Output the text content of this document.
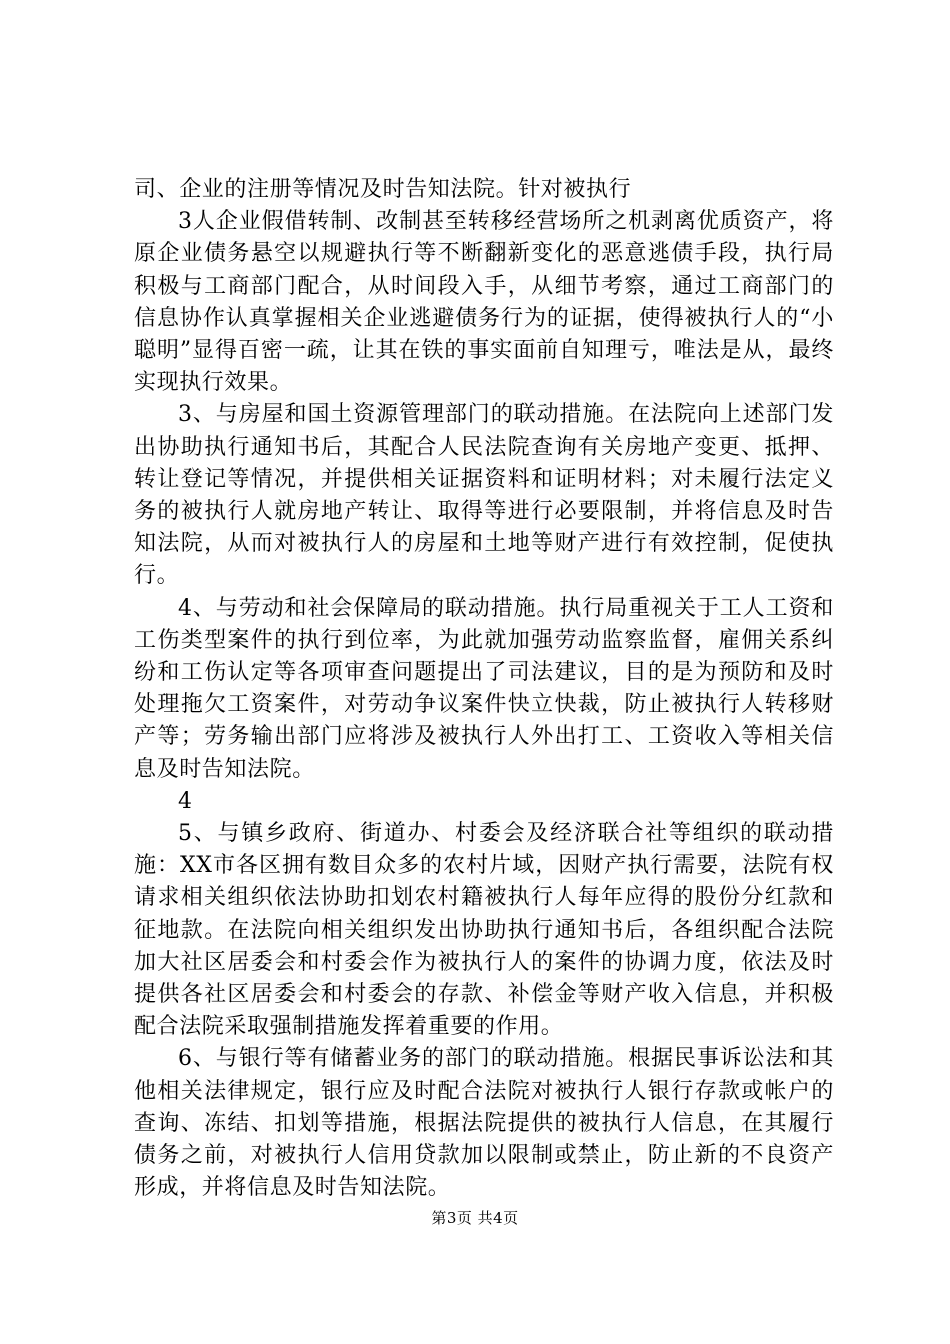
司、企业的注册等情况及时告知法院。针对被执行

3人企业假借转制、改制甚至转移经营场所之机剥离优质资产，将原企业债务悬空以规避执行等不断翻新变化的恶意逃债手段，执行局积极与工商部门配合，从时间段入手，从细节考察，通过工商部门的信息协作认真掌握相关企业逃避债务行为的证据，使得被执行人的“小聪明”显得百密一疏，让其在铁的事实面前自知理亏，唯法是从，最终实现执行效果。

3、与房屋和国土资源管理部门的联动措施。在法院向上述部门发出协助执行通知书后，其配合人民法院查询有关房地产变更、抵押、转让登记等情况，并提供相关证据资料和证明材料；对未履行法定义务的被执行人就房地产转让、取得等进行必要限制，并将信息及时告知法院，从而对被执行人的房屋和土地等财产进行有效控制，促使执行。

4、与劳动和社会保障局的联动措施。执行局重视关于工人工资和工伤类型案件的执行到位率，为此就加强劳动监察监督，雇佣关系纠纷和工伤认定等各项审查问题提出了司法建议，目的是为预防和及时处理拖欠工资案件，对劳动争议案件快立快裁，防止被执行人转移财产等；劳务输出部门应将涉及被执行人外出打工、工资收入等相关信息及时告知法院。

4

5、与镇乡政府、街道办、村委会及经济联合社等组织的联动措施：XX市各区拥有数目众多的农村片域，因财产执行需要，法院有权请求相关组织依法协助扣划农村籍被执行人每年应得的股份分红款和征地款。在法院向相关组织发出协助执行通知书后，各组织配合法院加大社区居委会和村委会作为被执行人的案件的协调力度，依法及时提供各社区居委会和村委会的存款、补偿金等财产收入信息，并积极配合法院采取强制措施发挥着重要的作用。

6、与银行等有储蓄业务的部门的联动措施。根据民事诉讼法和其他相关法律规定，银行应及时配合法院对被执行人银行存款或帐户的查询、冻结、扣划等措施，根据法院提供的被执行人信息，在其履行债务之前，对被执行人信用贷款加以限制或禁止，防止新的不良资产形成，并将信息及时告知法院。

第3页 共4页
